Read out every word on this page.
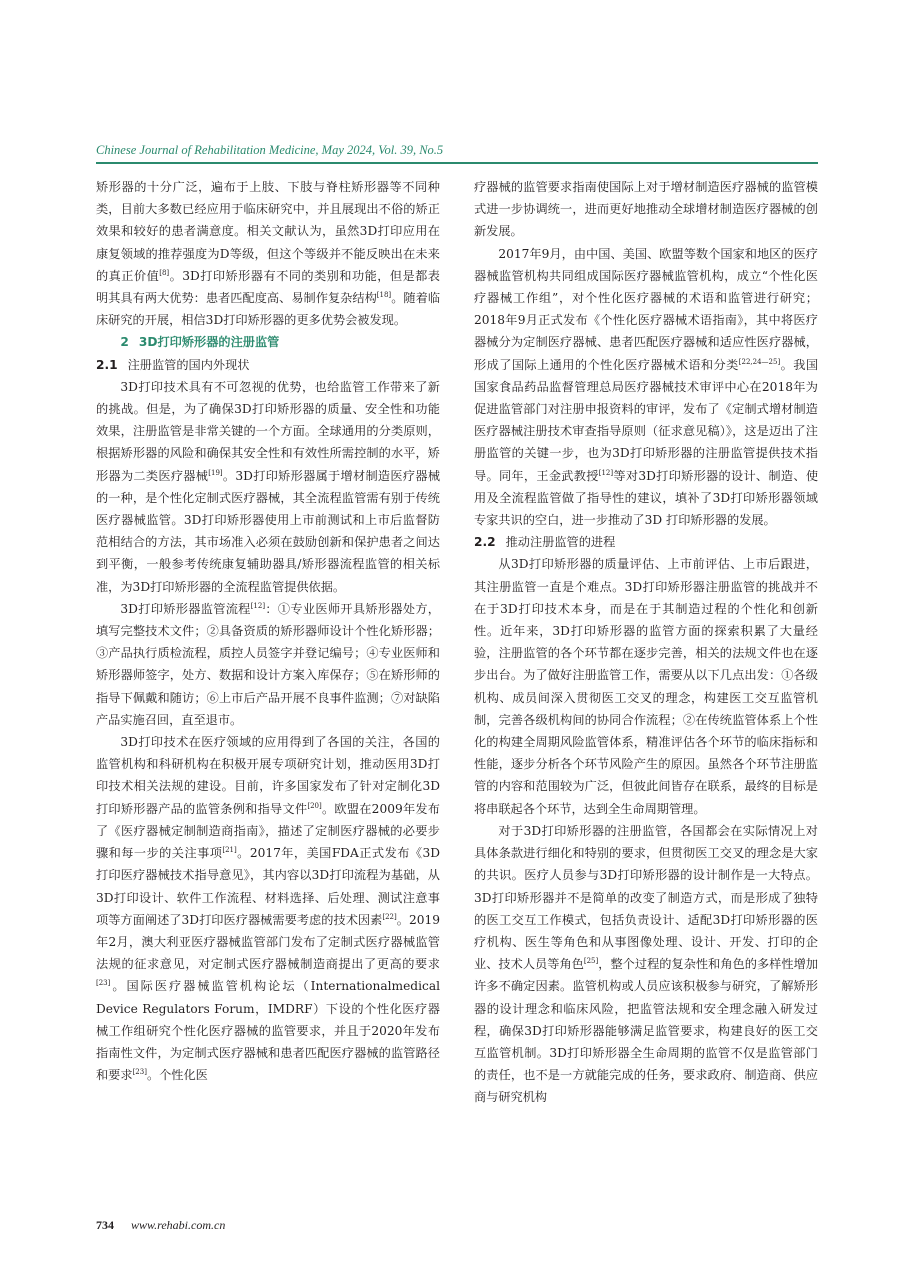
Chinese Journal of Rehabilitation Medicine, May 2024, Vol. 39, No.5

矫形器的十分广泛，遍布于上肢、下肢与脊柱矫形器等不同种类，目前大多数已经应用于临床研究中，并且展现出不俗的矫正效果和较好的患者满意度。相关文献认为，虽然3D打印应用在康复领域的推荐强度为D等级，但这个等级并不能反映出在未来的真正价值[8]。3D打印矫形器有不同的类别和功能，但是都表明其具有两大优势：患者匹配度高、易制作复杂结构[18]。随着临床研究的开展，相信3D打印矫形器的更多优势会被发现。

2 3D打印矫形器的注册监管

2.1 注册监管的国内外现状

3D打印技术具有不可忽视的优势，也给监管工作带来了新的挑战。但是，为了确保3D打印矫形器的质量、安全性和功能效果，注册监管是非常关键的一个方面。全球通用的分类原则，根据矫形器的风险和确保其安全性和有效性所需控制的水平，矫形器为二类医疗器械[19]。3D打印矫形器属于增材制造医疗器械的一种，是个性化定制式医疗器械，其全流程监管需有别于传统医疗器械监管。3D打印矫形器使用上市前测试和上市后监督防范相结合的方法，其市场准入必须在鼓励创新和保护患者之间达到平衡，一般参考传统康复辅助器具/矫形器流程监管的相关标准，为3D打印矫形器的全流程监管提供依据。

3D打印矫形器监管流程[12]：①专业医师开具矫形器处方，填写完整技术文件；②具备资质的矫形器师设计个性化矫形器；③产品执行质检流程，质控人员签字并登记编号；④专业医师和矫形器师签字，处方、数据和设计方案入库保存；⑤在矫形师的指导下佩戴和随访；⑥上市后产品开展不良事件监测；⑦对缺陷产品实施召回，直至退市。

3D打印技术在医疗领域的应用得到了各国的关注，各国的监管机构和科研机构在积极开展专项研究计划，推动医用3D打印技术相关法规的建设。目前，许多国家发布了针对定制化3D打印矫形器产品的监管条例和指导文件[20]。欧盟在2009年发布了《医疗器械定制制造商指南》，描述了定制医疗器械的必要步骤和每一步的关注事项[21]。2017年，美国FDA正式发布《3D打印医疗器械技术指导意见》，其内容以3D打印流程为基础，从3D打印设计、软件工作流程、材料选择、后处理、测试注意事项等方面阐述了3D打印医疗器械需要考虑的技术因素[22]。2019年2月，澳大利亚医疗器械监管部门发布了定制式医疗器械监管法规的征求意见，对定制式医疗器械制造商提出了更高的要求[23]。国际医疗器械监管机构论坛（Internationalmedical Device Regulators Forum，IMDRF）下设的个性化医疗器械工作组研究个性化医疗器械的监管要求，并且于2020年发布指南性文件，为定制式医疗器械和患者匹配医疗器械的监管路径和要求[23]。个性化医

疗器械的监管要求指南使国际上对于增材制造医疗器械的监管模式进一步协调统一，进而更好地推动全球增材制造医疗器械的创新发展。

2017年9月，由中国、美国、欧盟等数个国家和地区的医疗器械监管机构共同组成国际医疗器械监管机构，成立“个性化医疗器械工作组”，对个性化医疗器械的术语和监管进行研究；2018年9月正式发布《个性化医疗器械术语指南》，其中将医疗器械分为定制医疗器械、患者匹配医疗器械和适应性医疗器械，形成了国际上通用的个性化医疗器械术语和分类[22,24—25]。我国国家食品药品监督管理总局医疗器械技术审评中心在2018年为促进监管部门对注册申报资料的审评，发布了《定制式增材制造医疗器械注册技术审查指导原则（征求意见稿）》，这是迈出了注册监管的关键一步，也为3D打印矫形器的注册监管提供技术指导。同年，王金武教授[12]等对3D打印矫形器的设计、制造、使用及全流程监管做了指导性的建议，填补了3D打印矫形器领域专家共识的空白，进一步推动了3D 打印矫形器的发展。

2.2 推动注册监管的进程

从3D打印矫形器的质量评估、上市前评估、上市后跟进，其注册监管一直是个难点。3D打印矫形器注册监管的挑战并不在于3D打印技术本身，而是在于其制造过程的个性化和创新性。近年来，3D打印矫形器的监管方面的探索积累了大量经验，注册监管的各个环节都在逐步完善，相关的法规文件也在逐步出台。为了做好注册监管工作，需要从以下几点出发：①各级机构、成员间深入贯彻医工交叉的理念，构建医工交互监管机制，完善各级机构间的协同合作流程；②在传统监管体系上个性化的构建全周期风险监管体系，精准评估各个环节的临床指标和性能，逐步分析各个环节风险产生的原因。虽然各个环节注册监管的内容和范围较为广泛，但彼此间皆存在联系，最终的目标是将串联起各个环节，达到全生命周期管理。

对于3D打印矫形器的注册监管，各国都会在实际情况上对具体条款进行细化和特别的要求，但贯彻医工交叉的理念是大家的共识。医疗人员参与3D打印矫形器的设计制作是一大特点。3D打印矫形器并不是简单的改变了制造方式，而是形成了独特的医工交互工作模式，包括负责设计、适配3D打印矫形器的医疗机构、医生等角色和从事图像处理、设计、开发、打印的企业、技术人员等角色[25]，整个过程的复杂性和角色的多样性增加许多不确定因素。监管机构或人员应该积极参与研究，了解矫形器的设计理念和临床风险，把监管法规和安全理念融入研发过程，确保3D打印矫形器能够满足监管要求，构建良好的医工交互监管机制。3D打印矫形器全生命周期的监管不仅是监管部门的责任，也不是一方就能完成的任务，要求政府、制造商、供应商与研究机构

734 www.rehabi.com.cn
